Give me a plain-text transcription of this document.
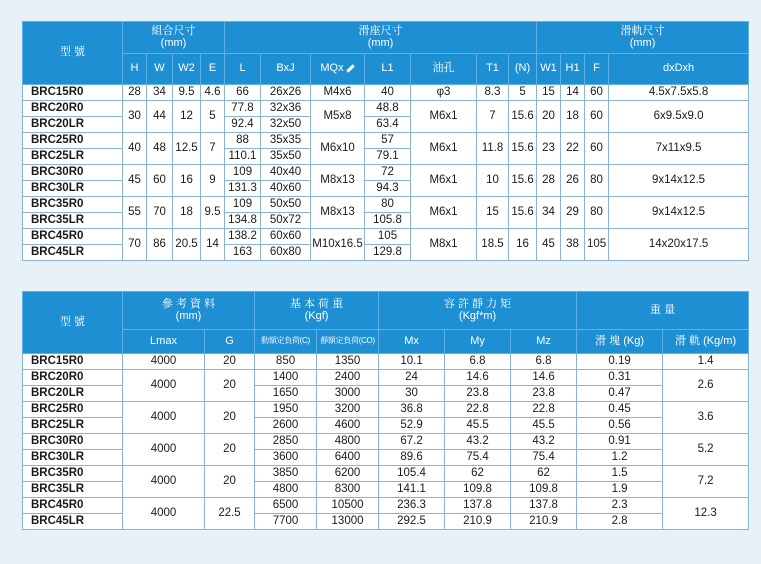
型 號	組合尺寸
(mm)				滑座尺寸
(mm)							滑軌尺寸
(mm)			
	H	W	W2	E	L	BxJ	MQx	L1	油孔	T1	(N)	W1	H1	F	dxDxh
BRC15R0	28	34	9.5	4.6	66	26x26	M4x6	40	φ3	8.3	5	15	14	60	4.5x7.5x5.8
BRC20R0	30	44	12	5	77.8	32x36	M5x8	48.8	M6x1	7	15.6	20	18	60	6x9.5x9.0
BRC20LR					92.4	32x50		63.4							
BRC25R0	40	48	12.5	7	88	35x35	M6x10	57	M6x1	11.8	15.6	23	22	60	7x11x9.5
BRC25LR					110.1	35x50		79.1							
BRC30R0	45	60	16	9	109	40x40	M8x13	72	M6x1	10	15.6	28	26	80	9x14x12.5
BRC30LR					131.3	40x60		94.3							
BRC35R0	55	70	18	9.5	109	50x50	M8x13	80	M6x1	15	15.6	34	29	80	9x14x12.5
BRC35LR					134.8	50x72		105.8							
BRC45R0	70	86	20.5	14	138.2	60x60	M10x16.5	105	M8x1	18.5	16	45	38	105	14x20x17.5
BRC45LR					163	60x80		129.8							
型 號	參 考 資 料
(mm)		基 本 荷 重
(Kgf)		容 許 靜 力 矩
(Kgf*m)			重 量	
	Lmax	G	動額定負荷(C)	靜額定負荷(CO)	Mx	My	Mz	滑 塊 (Kg)	滑 軌 (Kg/m)
BRC15R0	4000	20	850	1350	10.1	6.8	6.8	0.19	1.4
BRC20R0	4000	20	1400	2400	24	14.6	14.6	0.31	2.6
BRC20LR			1650	3000	30	23.8	23.8	0.47	
BRC25R0	4000	20	1950	3200	36.8	22.8	22.8	0.45	3.6
BRC25LR			2600	4600	52.9	45.5	45.5	0.56	
BRC30R0	4000	20	2850	4800	67.2	43.2	43.2	0.91	5.2
BRC30LR			3600	6400	89.6	75.4	75.4	1.2	
BRC35R0	4000	20	3850	6200	105.4	62	62	1.5	7.2
BRC35LR			4800	8300	141.1	109.8	109.8	1.9	
BRC45R0	4000	22.5	6500	10500	236.3	137.8	137.8	2.3	12.3
BRC45LR			7700	13000	292.5	210.9	210.9	2.8	
